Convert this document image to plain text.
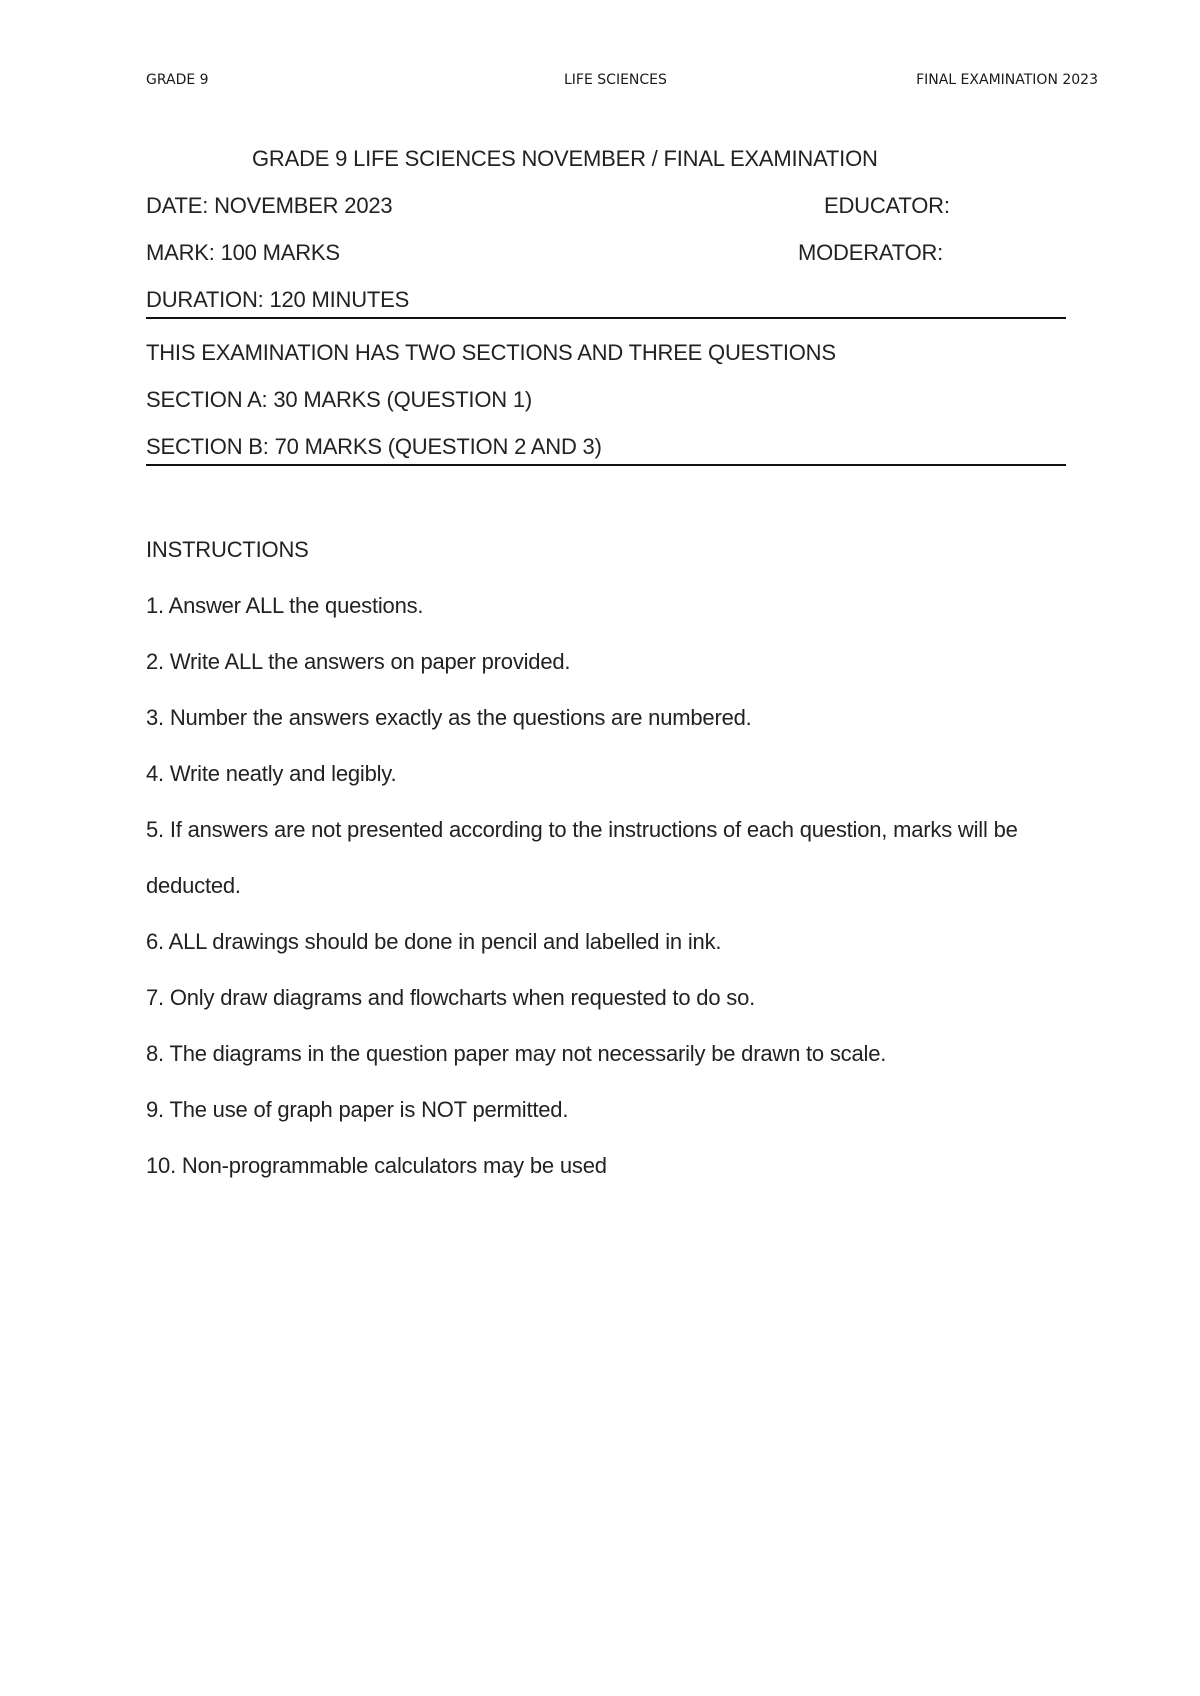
GRADE 9	LIFE SCIENCES	FINAL EXAMINATION 2023
GRADE 9 LIFE SCIENCES NOVEMBER / FINAL EXAMINATION
DATE: NOVEMBER 2023	EDUCATOR:
MARK: 100 MARKS	MODERATOR:
DURATION: 120 MINUTES
THIS EXAMINATION HAS TWO SECTIONS AND THREE QUESTIONS
SECTION A: 30 MARKS (QUESTION 1)
SECTION B: 70 MARKS (QUESTION 2 AND 3)
INSTRUCTIONS
1. Answer ALL the questions.
2. Write ALL the answers on paper provided.
3. Number the answers exactly as the questions are numbered.
4. Write neatly and legibly.
5. If answers are not presented according to the instructions of each question, marks will be deducted.
6. ALL drawings should be done in pencil and labelled in ink.
7. Only draw diagrams and flowcharts when requested to do so.
8. The diagrams in the question paper may not necessarily be drawn to scale.
9. The use of graph paper is NOT permitted.
10. Non-programmable calculators may be used
